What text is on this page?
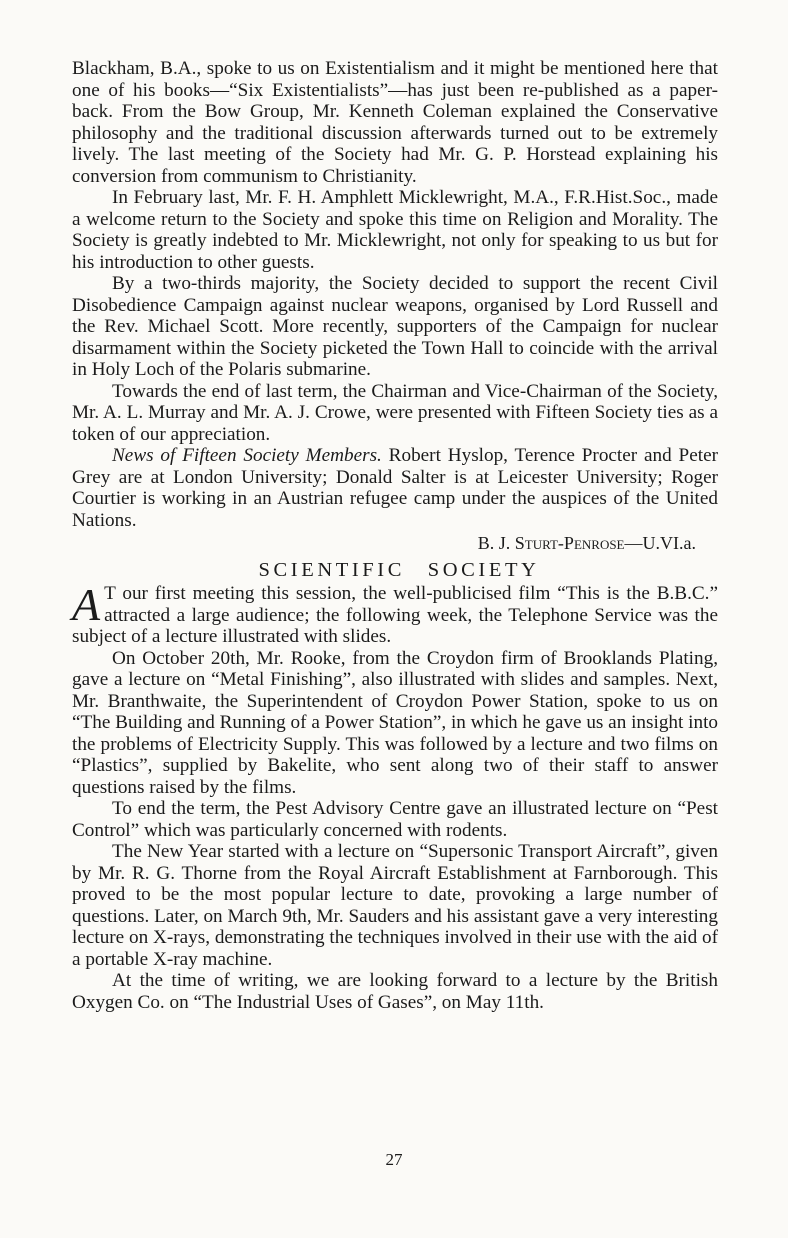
Blackham, B.A., spoke to us on Existentialism and it might be mentioned here that one of his books—“Six Existentialists”—has just been re-published as a paper-back. From the Bow Group, Mr. Kenneth Coleman explained the Conservative philosophy and the traditional discussion afterwards turned out to be extremely lively. The last meeting of the Society had Mr. G. P. Horstead explaining his conversion from communism to Christianity.

In February last, Mr. F. H. Amphlett Micklewright, M.A., F.R.Hist.Soc., made a welcome return to the Society and spoke this time on Religion and Morality. The Society is greatly indebted to Mr. Micklewright, not only for speaking to us but for his introduction to other guests.

By a two-thirds majority, the Society decided to support the recent Civil Disobedience Campaign against nuclear weapons, organised by Lord Russell and the Rev. Michael Scott. More recently, supporters of the Campaign for nuclear disarmament within the Society picketed the Town Hall to coincide with the arrival in Holy Loch of the Polaris submarine.

Towards the end of last term, the Chairman and Vice-Chairman of the Society, Mr. A. L. Murray and Mr. A. J. Crowe, were presented with Fifteen Society ties as a token of our appreciation.

News of Fifteen Society Members. Robert Hyslop, Terence Procter and Peter Grey are at London University; Donald Salter is at Leicester University; Roger Courtier is working in an Austrian refugee camp under the auspices of the United Nations.

B. J. Sturt-Penrose—U.VI.a.
SCIENTIFIC SOCIETY

A T our first meeting this session, the well-publicised film “This is the B.B.C.” attracted a large audience; the following week, the Telephone Service was the subject of a lecture illustrated with slides.

On October 20th, Mr. Rooke, from the Croydon firm of Brooklands Plating, gave a lecture on “Metal Finishing”, also illustrated with slides and samples. Next, Mr. Branthwaite, the Superintendent of Croydon Power Station, spoke to us on “The Building and Running of a Power Station”, in which he gave us an insight into the problems of Electricity Supply. This was followed by a lecture and two films on “Plastics”, supplied by Bakelite, who sent along two of their staff to answer questions raised by the films.

To end the term, the Pest Advisory Centre gave an illustrated lecture on “Pest Control” which was particularly concerned with rodents.

The New Year started with a lecture on “Supersonic Transport Aircraft”, given by Mr. R. G. Thorne from the Royal Aircraft Establishment at Farnborough. This proved to be the most popular lecture to date, provoking a large number of questions. Later, on March 9th, Mr. Sauders and his assistant gave a very interesting lecture on X-rays, demonstrating the techniques involved in their use with the aid of a portable X-ray machine.

At the time of writing, we are looking forward to a lecture by the British Oxygen Co. on “The Industrial Uses of Gases”, on May 11th.

27
